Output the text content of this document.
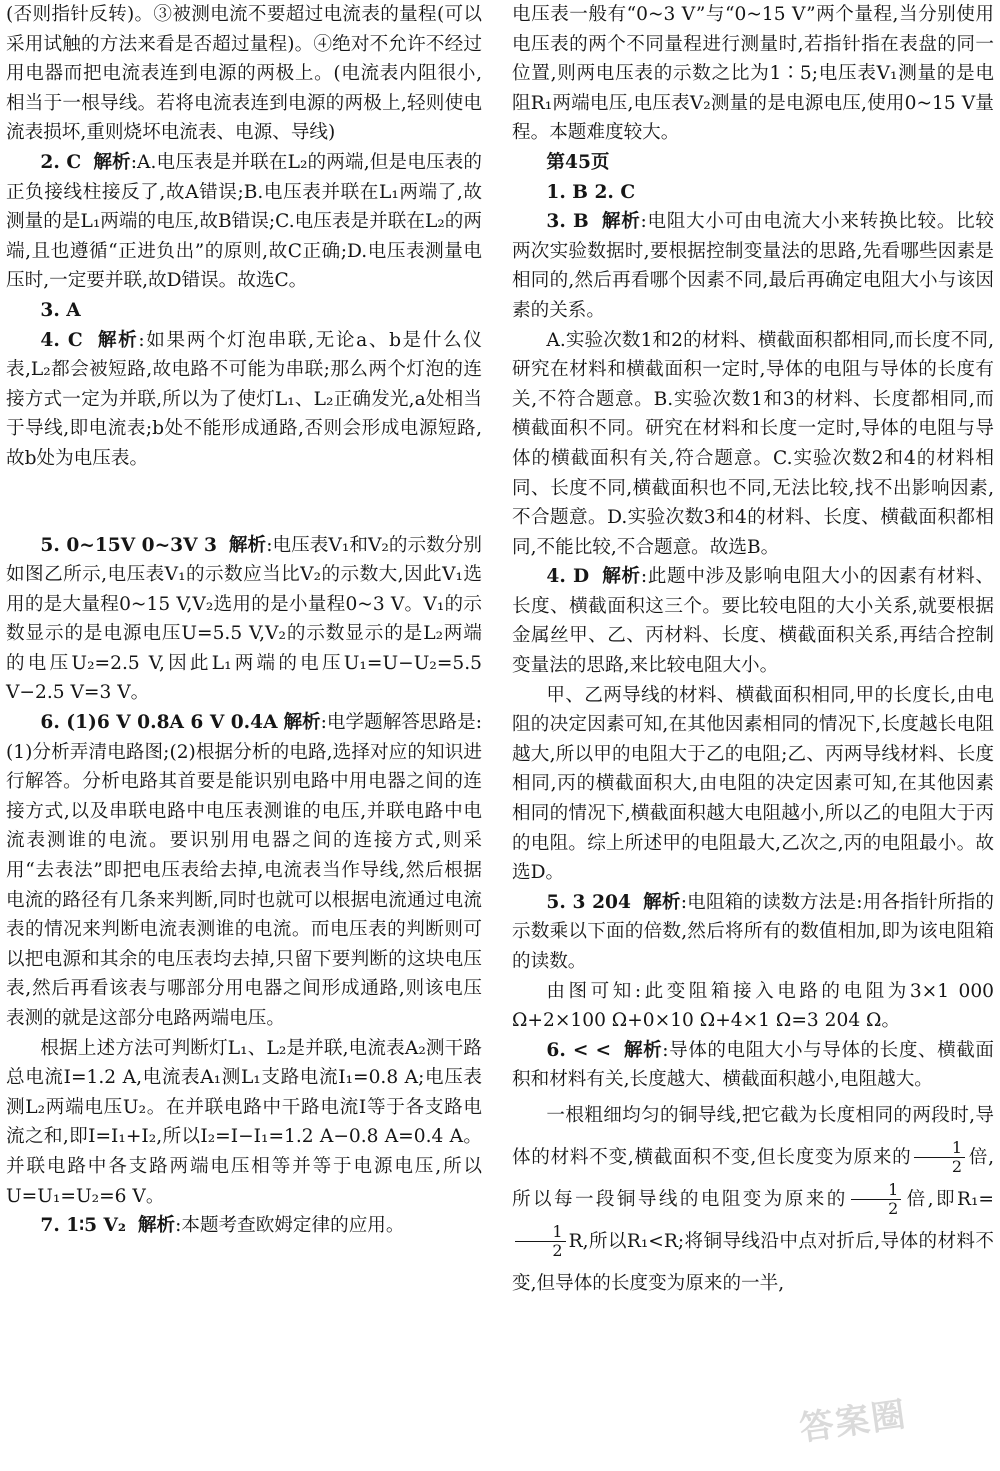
(否则指针反转)。③被测电流不要超过电流表的量程(可以采用试触的方法来看是否超过量程)。④绝对不允许不经过用电器而把电流表连到电源的两极上。(电流表内阻很小,相当于一根导线。若将电流表连到电源的两极上,轻则使电流表损坏,重则烧坏电流表、电源、导线)

2. C 解析:A.电压表是并联在L₂的两端,但是电压表的正负接线柱接反了,故A错误;B.电压表并联在L₁两端了,故测量的是L₁两端的电压,故B错误;C.电压表是并联在L₂的两端,且也遵循“正进负出”的原则,故C正确;D.电压表测量电压时,一定要并联,故D错误。故选C。

3. A

4. C 解析:如果两个灯泡串联,无论a、b是什么仪表,L₂都会被短路,故电路不可能为串联;那么两个灯泡的连接方式一定为并联,所以为了使灯L₁、L₂正确发光,a处相当于导线,即电流表;b处不能形成通路,否则会形成电源短路,故b处为电压表。

5. 0~15V 0~3V 3 解析:电压表V₁和V₂的示数分别如图乙所示,电压表V₁的示数应当比V₂的示数大,因此V₁选用的是大量程0~15 V,V₂选用的是小量程0~3 V。V₁的示数显示的是电源电压U=5.5 V,V₂的示数显示的是L₂两端的电压U₂=2.5 V,因此L₁两端的电压U₁=U−U₂=5.5 V−2.5 V=3 V。

6. (1)6 V 0.8A 6 V 0.4A 解析:电学题解答思路是:(1)分析弄清电路图;(2)根据分析的电路,选择对应的知识进行解答。分析电路其首要是能识别电路中用电器之间的连接方式,以及串联电路中电压表测谁的电压,并联电路中电流表测谁的电流。要识别用电器之间的连接方式,则采用“去表法”即把电压表给去掉,电流表当作导线,然后根据电流的路径有几条来判断,同时也就可以根据电流通过电流表的情况来判断电流表测谁的电流。而电压表的判断则可以把电源和其余的电压表均去掉,只留下要判断的这块电压表,然后再看该表与哪部分用电器之间形成通路,则该电压表测的就是这部分电路两端电压。

根据上述方法可判断灯L₁、L₂是并联,电流表A₂测干路总电流I=1.2 A,电流表A₁测L₁支路电流I₁=0.8 A;电压表测L₂两端电压U₂。在并联电路中干路电流I等于各支路电流之和,即I=I₁+I₂,所以I₂=I−I₁=1.2 A−0.8 A=0.4 A。并联电路中各支路两端电压相等并等于电源电压,所以U=U₁=U₂=6 V。

7. 1∶5 V₂ 解析:本题考查欧姆定律的应用。

电压表一般有“0~3 V”与“0~15 V”两个量程,当分别使用电压表的两个不同量程进行测量时,若指针指在表盘的同一位置,则两电压表的示数之比为1∶5;电压表V₁测量的是电阻R₁两端电压,电压表V₂测量的是电源电压,使用0~15 V量程。本题难度较大。

第45页

1. B 2. C

3. B 解析:电阻大小可由电流大小来转换比较。比较两次实验数据时,要根据控制变量法的思路,先看哪些因素是相同的,然后再看哪个因素不同,最后再确定电阻大小与该因素的关系。

A.实验次数1和2的材料、横截面积都相同,而长度不同,研究在材料和横截面积一定时,导体的电阻与导体的长度有关,不符合题意。B.实验次数1和3的材料、长度都相同,而横截面积不同。研究在材料和长度一定时,导体的电阻与导体的横截面积有关,符合题意。C.实验次数2和4的材料相同、长度不同,横截面积也不同,无法比较,找不出影响因素,不合题意。D.实验次数3和4的材料、长度、横截面积都相同,不能比较,不合题意。故选B。

4. D 解析:此题中涉及影响电阻大小的因素有材料、长度、横截面积这三个。要比较电阻的大小关系,就要根据金属丝甲、乙、丙材料、长度、横截面积关系,再结合控制变量法的思路,来比较电阻大小。

甲、乙两导线的材料、横截面积相同,甲的长度长,由电阻的决定因素可知,在其他因素相同的情况下,长度越长电阻越大,所以甲的电阻大于乙的电阻;乙、丙两导线材料、长度相同,丙的横截面积大,由电阻的决定因素可知,在其他因素相同的情况下,横截面积越大电阻越小,所以乙的电阻大于丙的电阻。综上所述甲的电阻最大,乙次之,丙的电阻最小。故选D。

5. 3 204 解析:电阻箱的读数方法是:用各指针所指的示数乘以下面的倍数,然后将所有的数值相加,即为该电阻箱的读数。

由图可知:此变阻箱接入电路的电阻为3×1 000 Ω+2×100 Ω+0×10 Ω+4×1 Ω=3 204 Ω。

6. < < 解析:导体的电阻大小与导体的长度、横截面积和材料有关,长度越大、横截面积越小,电阻越大。

一根粗细均匀的铜导线,把它截为长度相同的两段时,导体的材料不变,横截面积不变,但长度变为原来的 $\frac{1}{2}$ 倍,所以每一段铜导线的电阻变为原来的 $\frac{1}{2}$ 倍,即R₁=
$\frac{1}{2} R$,所以R₁<R;将铜导线沿中点对折后,导体的材料不变,但导体的长度变为原来的一半,

答案圈
